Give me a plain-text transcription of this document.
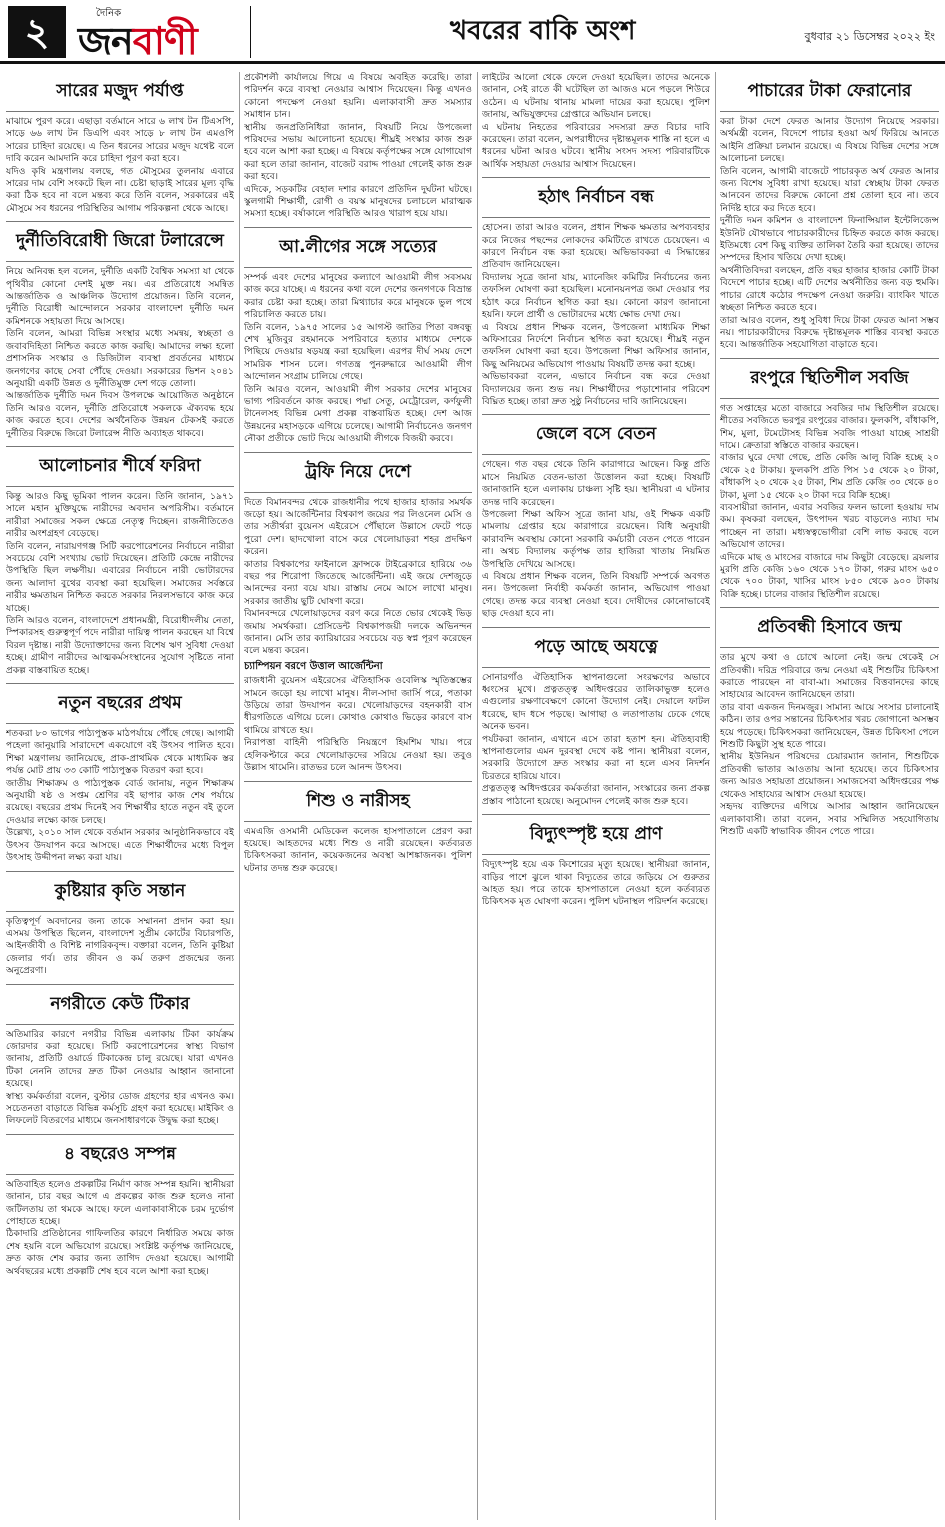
২	দৈনিক
জনবাণী	খবরের বাকি অংশ	বুধবার ২১ ডিসেম্বর ২০২২ ইং
সারের মজুদ পর্যাপ্ত

মাঝামে পুরণ করে। এছাড়া বর্তমানে সারে ৬ লাখ টন টিএসপি, সাড়ে ৬৬ লাখ টন ডিএপি এবং সাড়ে ৮ লাখ টন এমওপি সারের চাহিদা রয়েছে। এ তিন ধরনের সারের মজুদ যথেষ্ট বলে দাবি করেন আমদানি করে চাহিদা পূরণ করা হবে।

যদিও কৃষি মন্ত্রণালয় বলছে, গত মৌসুমের তুলনায় এবারে সারের দাম বেশি সংকটে ছিল না। চেষ্টা ছাড়াই সারের মূল্য বৃদ্ধি করা ঠিক হবে না বলে মন্তব্য করে তিনি বলেন, সরকারের এই মৌসুমে সব ধরনের পরিস্থিতির আগাম পরিকল্পনা থেকে আছে।

দুর্নীতিবিরোধী জিরো টলারেন্সে

নিয়ে অনিবন্ধ হল বলেন, দুর্নীতি একটি বৈশ্বিক সমস্যা যা থেকে পৃথিবীর কোনো দেশই মুক্ত নয়। এর প্রতিরোধে সমন্বিত আন্তর্জাতিক ও আঞ্চলিক উদ্যোগ প্রয়োজন। তিনি বলেন, দুর্নীতি বিরোধী আন্দোলনে সরকার বাংলাদেশ দুর্নীতি দমন কমিশনকে সহায়তা দিয়ে আসছে।

তিনি বলেন, আমরা বিভিন্ন সংস্থার মধ্যে সমন্বয়, স্বচ্ছতা ও জবাবদিহিতা নিশ্চিত করতে কাজ করছি। আমাদের লক্ষ্য হলো প্রশাসনিক সংস্কার ও ডিজিটাল ব্যবস্থা প্রবর্তনের মাধ্যমে জনগণের কাছে সেবা পৌঁছে দেওয়া। সরকারের ভিশন ২০৪১ অনুযায়ী একটি উন্নত ও দুর্নীতিমুক্ত দেশ গড়ে তোলা।

আন্তর্জাতিক দুর্নীতি দমন দিবস উপলক্ষে আয়োজিত অনুষ্ঠানে তিনি আরও বলেন, দুর্নীতি প্রতিরোধে সকলকে ঐক্যবদ্ধ হয়ে কাজ করতে হবে। দেশের অর্থনৈতিক উন্নয়ন টেকসই করতে দুর্নীতির বিরুদ্ধে জিরো টলারেন্স নীতি অব্যাহত থাকবে।

আলোচনার শীর্ষে ফরিদা

কিন্তু আরও কিছু ভূমিকা পালন করেন। তিনি জানান, ১৯৭১ সালে মহান মুক্তিযুদ্ধে নারীদের অবদান অপরিসীম। বর্তমানে নারীরা সমাজের সকল ক্ষেত্রে নেতৃত্ব দিচ্ছেন। রাজনীতিতেও নারীর অংশগ্রহণ বেড়েছে।

তিনি বলেন, নারায়ণগঞ্জ সিটি করপোরেশনের নির্বাচনে নারীরা সবচেয়ে বেশি সংখ্যায় ভোট দিয়েছেন। প্রতিটি কেন্দ্রে নারীদের উপস্থিতি ছিল লক্ষণীয়। এবারের নির্বাচনে নারী ভোটারদের জন্য আলাদা বুথের ব্যবস্থা করা হয়েছিল। সমাজের সর্বস্তরে নারীর ক্ষমতায়ন নিশ্চিত করতে সরকার নিরলসভাবে কাজ করে যাচ্ছে।

তিনি আরও বলেন, বাংলাদেশে প্রধানমন্ত্রী, বিরোধীদলীয় নেতা, স্পিকারসহ গুরুত্বপূর্ণ পদে নারীরা দায়িত্ব পালন করছেন যা বিশ্বে বিরল দৃষ্টান্ত। নারী উদ্যোক্তাদের জন্য বিশেষ ঋণ সুবিধা দেওয়া হচ্ছে। গ্রামীণ নারীদের আত্মকর্মসংস্থানের সুযোগ সৃষ্টিতে নানা প্রকল্প বাস্তবায়িত হচ্ছে।

নতুন বছরের প্রথম

শতকরা ৮০ ভাগের পাঠ্যপুস্তক মাঠপর্যায়ে পৌঁছে গেছে। আগামী পহেলা জানুয়ারি সারাদেশে একযোগে বই উৎসব পালিত হবে। শিক্ষা মন্ত্রণালয় জানিয়েছে, প্রাক-প্রাথমিক থেকে মাধ্যমিক স্তর পর্যন্ত মোট প্রায় ৩৩ কোটি পাঠ্যপুস্তক বিতরণ করা হবে।

জাতীয় শিক্ষাক্রম ও পাঠ্যপুস্তক বোর্ড জানায়, নতুন শিক্ষাক্রম অনুযায়ী ষষ্ঠ ও সপ্তম শ্রেণির বই ছাপার কাজ শেষ পর্যায়ে রয়েছে। বছরের প্রথম দিনেই সব শিক্ষার্থীর হাতে নতুন বই তুলে দেওয়ার লক্ষ্যে কাজ চলছে।

উল্লেখ্য, ২০১০ সাল থেকে বর্তমান সরকার আনুষ্ঠানিকভাবে বই উৎসব উদযাপন করে আসছে। এতে শিক্ষার্থীদের মধ্যে বিপুল উৎসাহ উদ্দীপনা লক্ষ্য করা যায়।

কুষ্টিয়ার কৃতি সন্তান

কৃতিত্বপূর্ণ অবদানের জন্য তাকে সম্মাননা প্রদান করা হয়। এসময় উপস্থিত ছিলেন, বাংলাদেশ সুপ্রীম কোর্টের বিচারপতি, আইনজীবী ও বিশিষ্ট নাগরিকবৃন্দ। বক্তারা বলেন, তিনি কুষ্টিয়া জেলার গর্ব। তার জীবন ও কর্ম তরুণ প্রজন্মের জন্য অনুপ্রেরণা।

নগরীতে কেউ টিকার

অতিমারির কারণে নগরীর বিভিন্ন এলাকায় টিকা কার্যক্রম জোরদার করা হয়েছে। সিটি করপোরেশনের স্বাস্থ্য বিভাগ জানায়, প্রতিটি ওয়ার্ডে টিকাকেন্দ্র চালু রয়েছে। যারা এখনও টিকা নেননি তাদের দ্রুত টিকা নেওয়ার আহ্বান জানানো হয়েছে।

স্বাস্থ্য কর্মকর্তারা বলেন, বুস্টার ডোজ গ্রহণের হার এখনও কম। সচেতনতা বাড়াতে বিভিন্ন কর্মসূচি গ্রহণ করা হয়েছে। মাইকিং ও লিফলেট বিতরণের মাধ্যমে জনসাধারণকে উদ্বুদ্ধ করা হচ্ছে।

৪ বছরেও সম্পন্ন

অতিবাহিত হলেও প্রকল্পটির নির্মাণ কাজ সম্পন্ন হয়নি। স্থানীয়রা জানান, চার বছর আগে এ প্রকল্পের কাজ শুরু হলেও নানা জটিলতায় তা থমকে আছে। ফলে এলাকাবাসীকে চরম দুর্ভোগ পোহাতে হচ্ছে।

ঠিকাদারি প্রতিষ্ঠানের গাফিলতির কারণে নির্ধারিত সময়ে কাজ শেষ হয়নি বলে অভিযোগ রয়েছে। সংশ্লিষ্ট কর্তৃপক্ষ জানিয়েছে, দ্রুত কাজ শেষ করার জন্য তাগিদ দেওয়া হয়েছে। আগামী অর্থবছরের মধ্যে প্রকল্পটি শেষ হবে বলে আশা করা হচ্ছে।

প্রকৌশলী কার্যালয়ে গিয়ে এ বিষয়ে অবহিত করেছি। তারা পরিদর্শন করে ব্যবস্থা নেওয়ার আশ্বাস দিয়েছেন। কিন্তু এখনও কোনো পদক্ষেপ নেওয়া হয়নি। এলাকাবাসী দ্রুত সমস্যার সমাধান চান।

স্থানীয় জনপ্রতিনিধিরা জানান, বিষয়টি নিয়ে উপজেলা পরিষদের সভায় আলোচনা হয়েছে। শীঘ্রই সংস্কার কাজ শুরু হবে বলে আশা করা হচ্ছে। এ বিষয়ে কর্তৃপক্ষের সঙ্গে যোগাযোগ করা হলে তারা জানান, বাজেট বরাদ্দ পাওয়া গেলেই কাজ শুরু করা হবে।

এদিকে, সড়কটির বেহাল দশার কারণে প্রতিদিন দুর্ঘটনা ঘটছে। স্কুলগামী শিক্ষার্থী, রোগী ও বয়স্ক মানুষদের চলাচলে মারাত্মক সমস্যা হচ্ছে। বর্ষাকালে পরিস্থিতি আরও খারাপ হয়ে যায়।

আ.লীগের সঙ্গে সত্যের

সম্পর্ক এবং দেশের মানুষের কল্যাণে আওয়ামী লীগ সবসময় কাজ করে যাচ্ছে। এ ধরনের কথা বলে দেশের জনগণকে বিভ্রান্ত করার চেষ্টা করা হচ্ছে। তারা মিথ্যাচার করে মানুষকে ভুল পথে পরিচালিত করতে চায়।

তিনি বলেন, ১৯৭৫ সালের ১৫ আগস্ট জাতির পিতা বঙ্গবন্ধু শেখ মুজিবুর রহমানকে সপরিবারে হত্যার মাধ্যমে দেশকে পিছিয়ে দেওয়ার ষড়যন্ত্র করা হয়েছিল। এরপর দীর্ঘ সময় দেশে সামরিক শাসন চলে। গণতন্ত্র পুনরুদ্ধারে আওয়ামী লীগ আন্দোলন সংগ্রাম চালিয়ে গেছে।

তিনি আরও বলেন, আওয়ামী লীগ সরকার দেশের মানুষের ভাগ্য পরিবর্তনে কাজ করছে। পদ্মা সেতু, মেট্রোরেল, কর্ণফুলী টানেলসহ বিভিন্ন মেগা প্রকল্প বাস্তবায়িত হচ্ছে। দেশ আজ উন্নয়নের মহাসড়কে এগিয়ে চলেছে। আগামী নির্বাচনেও জনগণ নৌকা প্রতীকে ভোট দিয়ে আওয়ামী লীগকে বিজয়ী করবে।

ট্রফি নিয়ে দেশে

দিতে বিমানবন্দর থেকে রাজধানীর পথে হাজার হাজার সমর্থক জড়ো হয়। আর্জেন্টিনার বিশ্বকাপ জয়ের পর লিওনেল মেসি ও তার সতীর্থরা বুয়েনস এইরেসে পৌঁছালে উল্লাসে ফেটে পড়ে পুরো দেশ। ছাদখোলা বাসে করে খেলোয়াড়রা শহর প্রদক্ষিণ করেন।

কাতার বিশ্বকাপের ফাইনালে ফ্রান্সকে টাইব্রেকারে হারিয়ে ৩৬ বছর পর শিরোপা জিতেছে আর্জেন্টিনা। এই জয়ে দেশজুড়ে আনন্দের বন্যা বয়ে যায়। রাস্তায় নেমে আসে লাখো মানুষ। সরকার জাতীয় ছুটি ঘোষণা করে।

বিমানবন্দরে খেলোয়াড়দের বরণ করে নিতে ভোর থেকেই ভিড় জমায় সমর্থকরা। প্রেসিডেন্ট বিশ্বকাপজয়ী দলকে অভিনন্দন জানান। মেসি তার ক্যারিয়ারের সবচেয়ে বড় স্বপ্ন পূরণ করেছেন বলে মন্তব্য করেন।

চ্যাম্পিয়ন বরণে উত্তাল আর্জেন্টিনা

রাজধানী বুয়েনস এইরেসের ঐতিহাসিক ওবেলিস্ক স্মৃতিস্তম্ভের সামনে জড়ো হয় লাখো মানুষ। নীল-সাদা জার্সি পরে, পতাকা উড়িয়ে তারা উদযাপন করে। খেলোয়াড়দের বহনকারী বাস ধীরগতিতে এগিয়ে চলে। কোথাও কোথাও ভিড়ের কারণে বাস থামিয়ে রাখতে হয়।

নিরাপত্তা বাহিনী পরিস্থিতি নিয়ন্ত্রণে হিমশিম খায়। পরে হেলিকপ্টারে করে খেলোয়াড়দের সরিয়ে নেওয়া হয়। তবুও উল্লাস থামেনি। রাতভর চলে আনন্দ উৎসব।

শিশু ও নারীসহ

এমএজি ওসমানী মেডিকেল কলেজ হাসপাতালে প্রেরণ করা হয়েছে। আহতদের মধ্যে শিশু ও নারী রয়েছেন। কর্তব্যরত চিকিৎসকরা জানান, কয়েকজনের অবস্থা আশঙ্কাজনক। পুলিশ ঘটনার তদন্ত শুরু করেছে।

লাইটের আলো থেকে ফেলে দেওয়া হয়েছিল। তাদের অনেকে জানান, সেই রাতে কী ঘটেছিল তা আজও মনে পড়লে শিউরে ওঠেন। এ ঘটনায় থানায় মামলা দায়ের করা হয়েছে। পুলিশ জানায়, অভিযুক্তদের গ্রেপ্তারে অভিযান চলছে।

এ ঘটনায় নিহতের পরিবারের সদস্যরা দ্রুত বিচার দাবি করেছেন। তারা বলেন, অপরাধীদের দৃষ্টান্তমূলক শাস্তি না হলে এ ধরনের ঘটনা আরও ঘটবে। স্থানীয় সংসদ সদস্য পরিবারটিকে আর্থিক সহায়তা দেওয়ার আশ্বাস দিয়েছেন।

হঠাৎ নির্বাচন বন্ধ

হোসেন। তারা আরও বলেন, প্রধান শিক্ষক ক্ষমতার অপব্যবহার করে নিজের পছন্দের লোকদের কমিটিতে রাখতে চেয়েছেন। এ কারণে নির্বাচন বন্ধ করা হয়েছে। অভিভাবকরা এ সিদ্ধান্তের প্রতিবাদ জানিয়েছেন।

বিদ্যালয় সূত্রে জানা যায়, ম্যানেজিং কমিটির নির্বাচনের জন্য তফসিল ঘোষণা করা হয়েছিল। মনোনয়নপত্র জমা দেওয়ার পর হঠাৎ করে নির্বাচন স্থগিত করা হয়। কোনো কারণ জানানো হয়নি। ফলে প্রার্থী ও ভোটারদের মধ্যে ক্ষোভ দেখা দেয়।

এ বিষয়ে প্রধান শিক্ষক বলেন, উপজেলা মাধ্যমিক শিক্ষা অফিসারের নির্দেশে নির্বাচন স্থগিত করা হয়েছে। শীঘ্রই নতুন তফসিল ঘোষণা করা হবে। উপজেলা শিক্ষা অফিসার জানান, কিছু অনিয়মের অভিযোগ পাওয়ায় বিষয়টি তদন্ত করা হচ্ছে।

অভিভাবকরা বলেন, এভাবে নির্বাচন বন্ধ করে দেওয়া বিদ্যালয়ের জন্য শুভ নয়। শিক্ষার্থীদের পড়াশোনার পরিবেশ বিঘ্নিত হচ্ছে। তারা দ্রুত সুষ্ঠু নির্বাচনের দাবি জানিয়েছেন।

জেলে বসে বেতন

গেছেন। গত বছর থেকে তিনি কারাগারে আছেন। কিন্তু প্রতি মাসে নিয়মিত বেতন-ভাতা উত্তোলন করা হচ্ছে। বিষয়টি জানাজানি হলে এলাকায় চাঞ্চল্য সৃষ্টি হয়। স্থানীয়রা এ ঘটনার তদন্ত দাবি করেছেন।

উপজেলা শিক্ষা অফিস সূত্রে জানা যায়, ওই শিক্ষক একটি মামলায় গ্রেপ্তার হয়ে কারাগারে রয়েছেন। বিধি অনুযায়ী কারাবন্দি অবস্থায় কোনো সরকারি কর্মচারী বেতন পেতে পারেন না। অথচ বিদ্যালয় কর্তৃপক্ষ তার হাজিরা খাতায় নিয়মিত উপস্থিতি দেখিয়ে আসছে।

এ বিষয়ে প্রধান শিক্ষক বলেন, তিনি বিষয়টি সম্পর্কে অবগত নন। উপজেলা নির্বাহী কর্মকর্তা জানান, অভিযোগ পাওয়া গেছে। তদন্ত করে ব্যবস্থা নেওয়া হবে। দোষীদের কোনোভাবেই ছাড় দেওয়া হবে না।

পড়ে আছে অযত্নে

সোনারগাঁও ঐতিহাসিক স্থাপনাগুলো সংরক্ষণের অভাবে ধ্বংসের মুখে। প্রত্নতত্ত্ব অধিদপ্তরের তালিকাভুক্ত হলেও এগুলোর রক্ষণাবেক্ষণে কোনো উদ্যোগ নেই। দেয়ালে ফাটল ধরেছে, ছাদ ধসে পড়ছে। আগাছা ও লতাপাতায় ঢেকে গেছে অনেক ভবন।

পর্যটকরা জানান, এখানে এসে তারা হতাশ হন। ঐতিহ্যবাহী স্থাপনাগুলোর এমন দুরবস্থা দেখে কষ্ট পান। স্থানীয়রা বলেন, সরকারি উদ্যোগে দ্রুত সংস্কার করা না হলে এসব নিদর্শন চিরতরে হারিয়ে যাবে।

প্রত্নতত্ত্ব অধিদপ্তরের কর্মকর্তারা জানান, সংস্কারের জন্য প্রকল্প প্রস্তাব পাঠানো হয়েছে। অনুমোদন পেলেই কাজ শুরু হবে।

বিদ্যুৎস্পৃষ্ট হয়ে প্রাণ

বিদ্যুৎস্পৃষ্ট হয়ে এক কিশোরের মৃত্যু হয়েছে। স্থানীয়রা জানান, বাড়ির পাশে ঝুলে থাকা বিদ্যুতের তারে জড়িয়ে সে গুরুতর আহত হয়। পরে তাকে হাসপাতালে নেওয়া হলে কর্তব্যরত চিকিৎসক মৃত ঘোষণা করেন। পুলিশ ঘটনাস্থল পরিদর্শন করেছে।

পাচারের টাকা ফেরানোর

করা টাকা দেশে ফেরত আনার উদ্যোগ নিয়েছে সরকার। অর্থমন্ত্রী বলেন, বিদেশে পাচার হওয়া অর্থ ফিরিয়ে আনতে আইনি প্রক্রিয়া চলমান রয়েছে। এ বিষয়ে বিভিন্ন দেশের সঙ্গে আলোচনা চলছে।

তিনি বলেন, আগামী বাজেটে পাচারকৃত অর্থ ফেরত আনার জন্য বিশেষ সুবিধা রাখা হয়েছে। যারা স্বেচ্ছায় টাকা ফেরত আনবেন তাদের বিরুদ্ধে কোনো প্রশ্ন তোলা হবে না। তবে নির্দিষ্ট হারে কর দিতে হবে।

দুর্নীতি দমন কমিশন ও বাংলাদেশ ফিনান্সিয়াল ইন্টেলিজেন্স ইউনিট যৌথভাবে পাচারকারীদের চিহ্নিত করতে কাজ করছে। ইতিমধ্যে বেশ কিছু ব্যক্তির তালিকা তৈরি করা হয়েছে। তাদের সম্পদের হিসাব খতিয়ে দেখা হচ্ছে।

অর্থনীতিবিদরা বলছেন, প্রতি বছর হাজার হাজার কোটি টাকা বিদেশে পাচার হচ্ছে। এটি দেশের অর্থনীতির জন্য বড় হুমকি। পাচার রোধে কঠোর পদক্ষেপ নেওয়া জরুরি। ব্যাংকিং খাতে স্বচ্ছতা নিশ্চিত করতে হবে।

তারা আরও বলেন, শুধু সুবিধা দিয়ে টাকা ফেরত আনা সম্ভব নয়। পাচারকারীদের বিরুদ্ধে দৃষ্টান্তমূলক শাস্তির ব্যবস্থা করতে হবে। আন্তর্জাতিক সহযোগিতা বাড়াতে হবে।

রংপুরে স্থিতিশীল সবজি

গত সপ্তাহের মতো বাজারে সবজির দাম স্থিতিশীল রয়েছে। শীতের সবজিতে ভরপুর রংপুরের বাজার। ফুলকপি, বাঁধাকপি, শিম, মুলা, টমেটোসহ বিভিন্ন সবজি পাওয়া যাচ্ছে সাশ্রয়ী দামে। ক্রেতারা স্বস্তিতে বাজার করছেন।

বাজার ঘুরে দেখা গেছে, প্রতি কেজি আলু বিক্রি হচ্ছে ২০ থেকে ২৫ টাকায়। ফুলকপি প্রতি পিস ১৫ থেকে ২০ টাকা, বাঁধাকপি ২০ থেকে ২৫ টাকা, শিম প্রতি কেজি ৩০ থেকে ৪০ টাকা, মুলা ১৫ থেকে ২০ টাকা দরে বিক্রি হচ্ছে।

ব্যবসায়ীরা জানান, এবার সবজির ফলন ভালো হওয়ায় দাম কম। কৃষকরা বলছেন, উৎপাদন খরচ বাড়লেও ন্যায্য দাম পাচ্ছেন না তারা। মধ্যস্বত্বভোগীরা বেশি লাভ করছে বলে অভিযোগ তাদের।

এদিকে মাছ ও মাংসের বাজারে দাম কিছুটা বেড়েছে। ব্রয়লার মুরগি প্রতি কেজি ১৬০ থেকে ১৭০ টাকা, গরুর মাংস ৬৫০ থেকে ৭০০ টাকা, খাসির মাংস ৮৫০ থেকে ৯০০ টাকায় বিক্রি হচ্ছে। চালের বাজার স্থিতিশীল রয়েছে।

প্রতিবন্ধী হিসাবে জন্ম

তার মুখে কথা ও চোখে আলো নেই। জন্ম থেকেই সে প্রতিবন্ধী। দরিদ্র পরিবারে জন্ম নেওয়া এই শিশুটির চিকিৎসা করাতে পারছেন না বাবা-মা। সমাজের বিত্তবানদের কাছে সাহায্যের আবেদন জানিয়েছেন তারা।

তার বাবা একজন দিনমজুর। সামান্য আয়ে সংসার চালানোই কঠিন। তার ওপর সন্তানের চিকিৎসার খরচ জোগানো অসম্ভব হয়ে পড়েছে। চিকিৎসকরা জানিয়েছেন, উন্নত চিকিৎসা পেলে শিশুটি কিছুটা সুস্থ হতে পারে।

স্থানীয় ইউনিয়ন পরিষদের চেয়ারম্যান জানান, শিশুটিকে প্রতিবন্ধী ভাতার আওতায় আনা হয়েছে। তবে চিকিৎসার জন্য আরও সহায়তা প্রয়োজন। সমাজসেবা অধিদপ্তরের পক্ষ থেকেও সাহায্যের আশ্বাস দেওয়া হয়েছে।

সহৃদয় ব্যক্তিদের এগিয়ে আসার আহ্বান জানিয়েছেন এলাকাবাসী। তারা বলেন, সবার সম্মিলিত সহযোগিতায় শিশুটি একটি স্বাভাবিক জীবন পেতে পারে।
